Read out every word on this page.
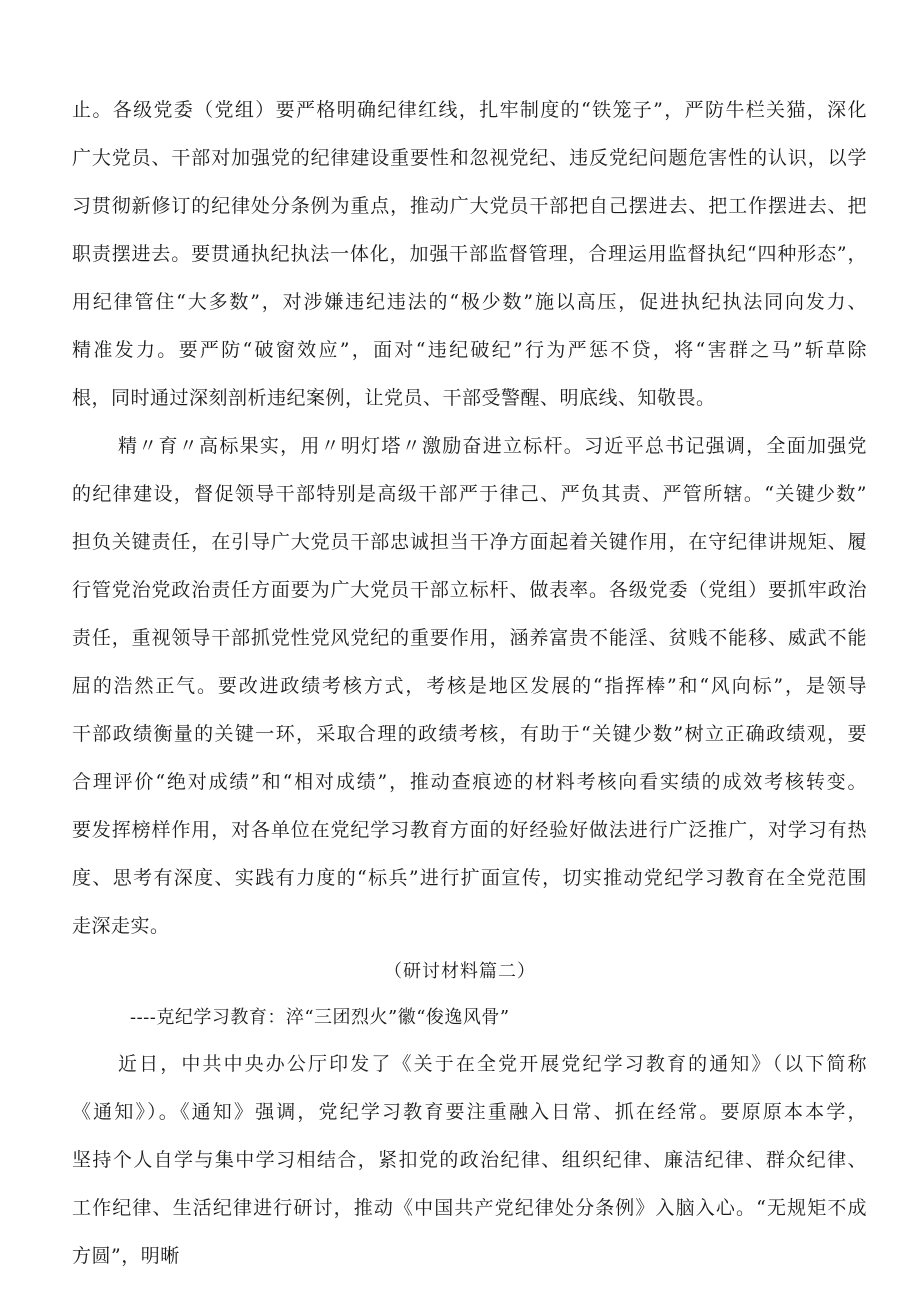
止。各级党委（党组）要严格明确纪律红线，扎牢制度的“铁笼子”，严防牛栏关猫，深化
广大党员、干部对加强党的纪律建设重要性和忽视党纪、违反党纪问题危害性的认识，以学
习贯彻新修订的纪律处分条例为重点，推动广大党员干部把自己摆进去、把工作摆进去、把
职责摆进去。要贯通执纪执法一体化，加强干部监督管理，合理运用监督执纪“四种形态”，
用纪律管住“大多数”，对涉嫌违纪违法的“极少数”施以高压，促进执纪执法同向发力、
精准发力。要严防“破窗效应”，面对“违纪破纪”行为严惩不贷，将“害群之马”斩草除
根，同时通过深刻剖析违纪案例，让党员、干部受警醒、明底线、知敬畏。
精〃育〃高标果实，用〃明灯塔〃激励奋进立标杆。习近平总书记强调，全面加强党
的纪律建设，督促领导干部特别是高级干部严于律己、严负其责、严管所辖。“关键少数”
担负关键责任，在引导广大党员干部忠诚担当干净方面起着关键作用，在守纪律讲规矩、履
行管党治党政治责任方面要为广大党员干部立标杆、做表率。各级党委（党组）要抓牢政治
责任，重视领导干部抓党性党风党纪的重要作用，涵养富贵不能淫、贫贱不能移、威武不能
屈的浩然正气。要改进政绩考核方式，考核是地区发展的“指挥棒”和“风向标”，是领导
干部政绩衡量的关键一环，采取合理的政绩考核，有助于“关键少数”树立正确政绩观，要
合理评价“绝对成绩”和“相对成绩”，推动查痕迹的材料考核向看实绩的成效考核转变。
要发挥榜样作用，对各单位在党纪学习教育方面的好经验好做法进行广泛推广，对学习有热
度、思考有深度、实践有力度的“标兵”进行扩面宣传，切实推动党纪学习教育在全党范围
走深走实。
（研讨材料篇二）
----克纪学习教育：淬“三团烈火”徽“俊逸风骨”
近日，中共中央办公厅印发了《关于在全党开展党纪学习教育的通知》（以下简称
《通知》）。《通知》强调，党纪学习教育要注重融入日常、抓在经常。要原原本本学，
坚持个人自学与集中学习相结合，紧扣党的政治纪律、组织纪律、廉洁纪律、群众纪律、
工作纪律、生活纪律进行研讨，推动《中国共产党纪律处分条例》入脑入心。“无规矩不成
方圆”，明晰
